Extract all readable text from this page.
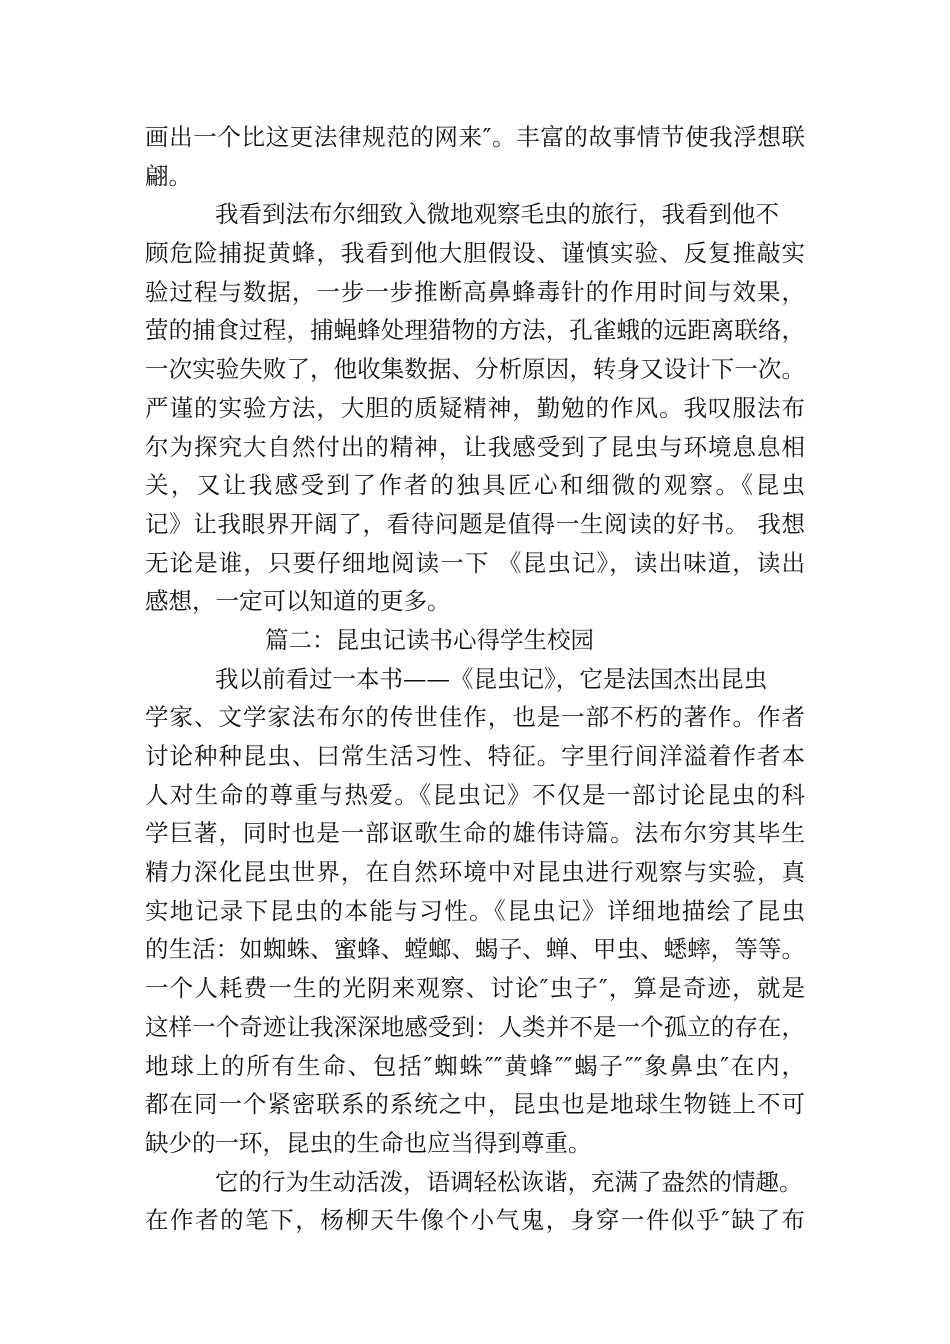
画出一个比这更法律规范的网来″。丰富的故事情节使我浮想联
翩。
我看到法布尔细致入微地观察毛虫的旅行，我看到他不
顾危险捕捉黄蜂，我看到他大胆假设、谨慎实验、反复推敲实
验过程与数据，一步一步推断高鼻蜂毒针的作用时间与效果，
萤的捕食过程，捕蝇蜂处理猎物的方法，孔雀蛾的远距离联络，
一次实验失败了，他收集数据、分析原因，转身又设计下一次。
严谨的实验方法，大胆的质疑精神，勤勉的作风。我叹服法布
尔为探究大自然付出的精神，让我感受到了昆虫与环境息息相
关，又让我感受到了作者的独具匠心和细微的观察。《昆虫
记》让我眼界开阔了，看待问题是值得一生阅读的好书。 我想
无论是谁，只要仔细地阅读一下 《昆虫记》，读出味道，读出
感想，一定可以知道的更多。
篇二：昆虫记读书心得学生校园
我以前看过一本书——《昆虫记》，它是法国杰出昆虫
学家、文学家法布尔的传世佳作，也是一部不朽的著作。作者
讨论种种昆虫、曰常生活习性、特征。字里行间洋溢着作者本
人对生命的尊重与热爱。《昆虫记》不仅是一部讨论昆虫的科
学巨著，同时也是一部讴歌生命的雄伟诗篇。法布尔穷其毕生
精力深化昆虫世界，在自然环境中对昆虫进行观察与实验，真
实地记录下昆虫的本能与习性。《昆虫记》详细地描绘了昆虫
的生活：如蜘蛛、蜜蜂、螳螂、蝎子、蝉、甲虫、蟋蟀，等等。
一个人耗费一生的光阴来观察、讨论″虫子″，算是奇迹，就是
这样一个奇迹让我深深地感受到：人类并不是一个孤立的存在，
地球上的所有生命、包括″蜘蛛″″黄蜂″″蝎子″″象鼻虫″在内，
都在同一个紧密联系的系统之中，昆虫也是地球生物链上不可
缺少的一环，昆虫的生命也应当得到尊重。
它的行为生动活泼，语调轻松诙谐，充满了盎然的情趣。
在作者的笔下，杨柳天牛像个小气鬼，身穿一件似乎″缺了布
